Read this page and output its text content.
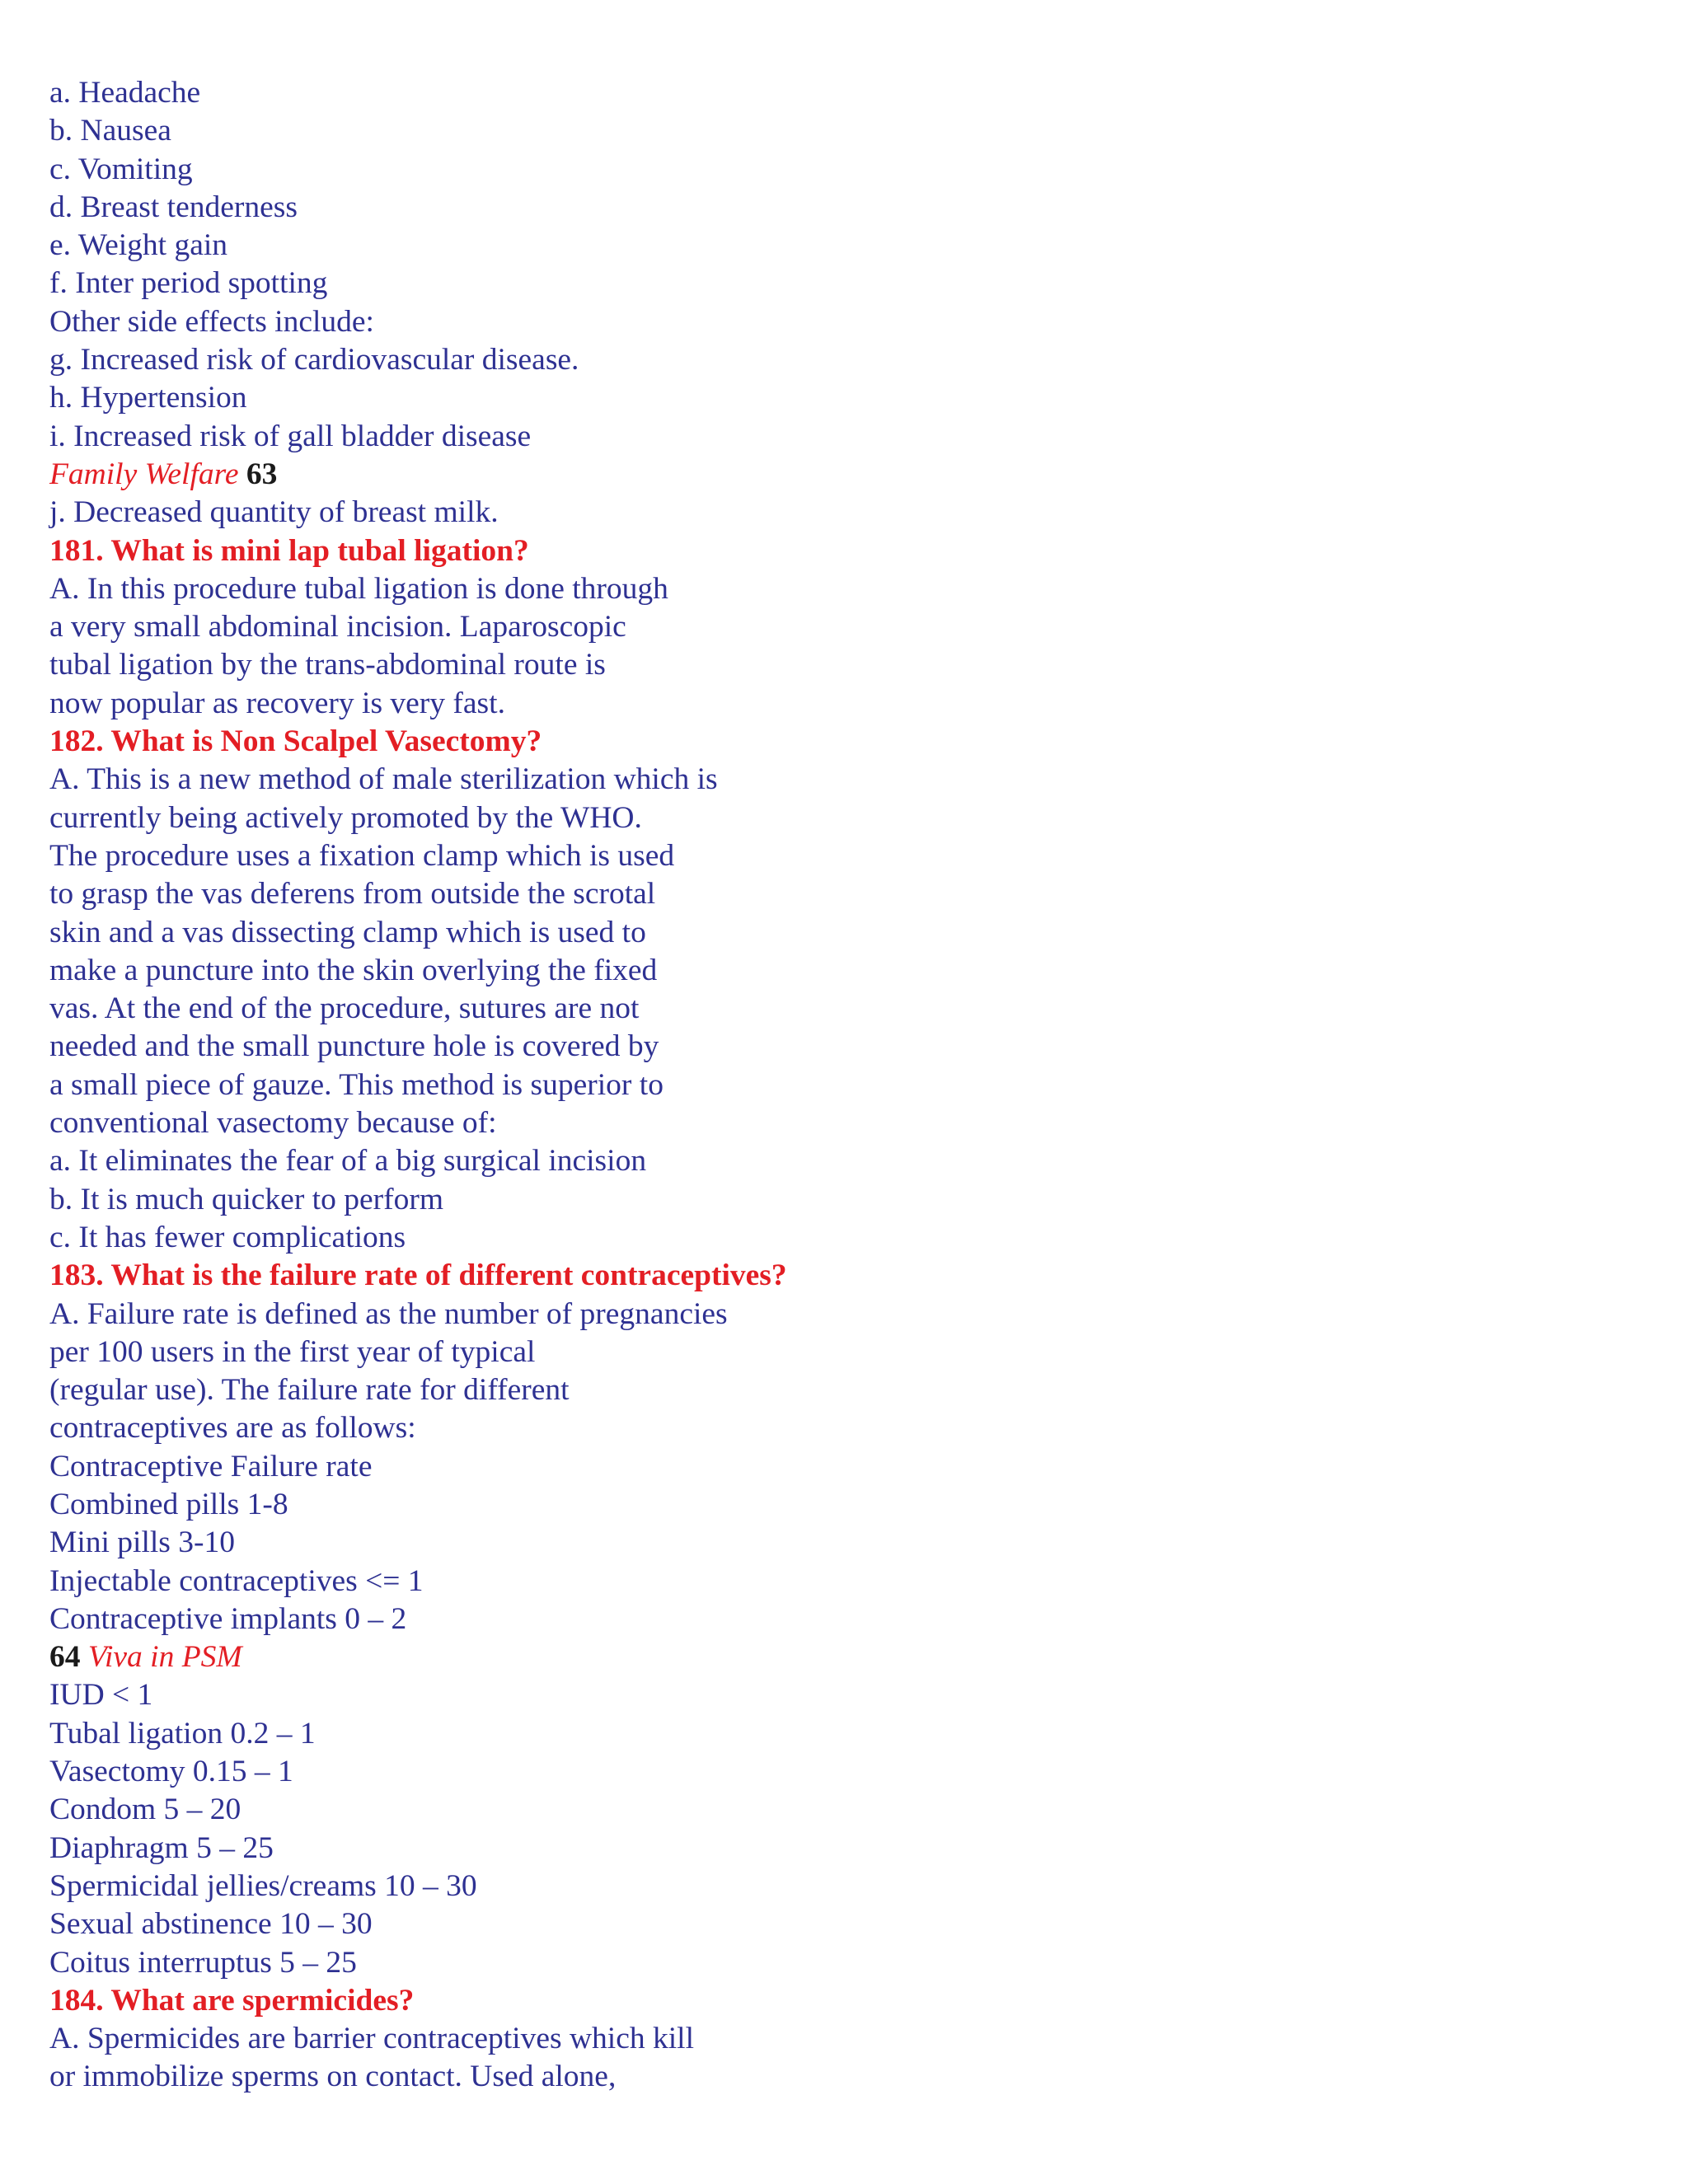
a. Headache
b. Nausea
c. Vomiting
d. Breast tenderness
e. Weight gain
f. Inter period spotting
Other side effects include:
g. Increased risk of cardiovascular disease.
h. Hypertension
i. Increased risk of gall bladder disease
Family Welfare 63
j. Decreased quantity of breast milk.
181. What is mini lap tubal ligation?
A. In this procedure tubal ligation is done through
a very small abdominal incision. Laparoscopic
tubal ligation by the trans-abdominal route is
now popular as recovery is very fast.
182. What is Non Scalpel Vasectomy?
A. This is a new method of male sterilization which is
currently being actively promoted by the WHO.
The procedure uses a fixation clamp which is used
to grasp the vas deferens from outside the scrotal
skin and a vas dissecting clamp which is used to
make a puncture into the skin overlying the fixed
vas. At the end of the procedure, sutures are not
needed and the small puncture hole is covered by
a small piece of gauze. This method is superior to
conventional vasectomy because of:
a. It eliminates the fear of a big surgical incision
b. It is much quicker to perform
c. It has fewer complications
183. What is the failure rate of different contraceptives?
A. Failure rate is defined as the number of pregnancies
per 100 users in the first year of typical
(regular use). The failure rate for different
contraceptives are as follows:
Contraceptive Failure rate
Combined pills 1-8
Mini pills 3-10
Injectable contraceptives <= 1
Contraceptive implants 0 – 2
64 Viva in PSM
IUD < 1
Tubal ligation 0.2 – 1
Vasectomy 0.15 – 1
Condom 5 – 20
Diaphragm 5 – 25
Spermicidal jellies/creams 10 – 30
Sexual abstinence 10 – 30
Coitus interruptus 5 – 25
184. What are spermicides?
A. Spermicides are barrier contraceptives which kill
or immobilize sperms on contact. Used alone,
